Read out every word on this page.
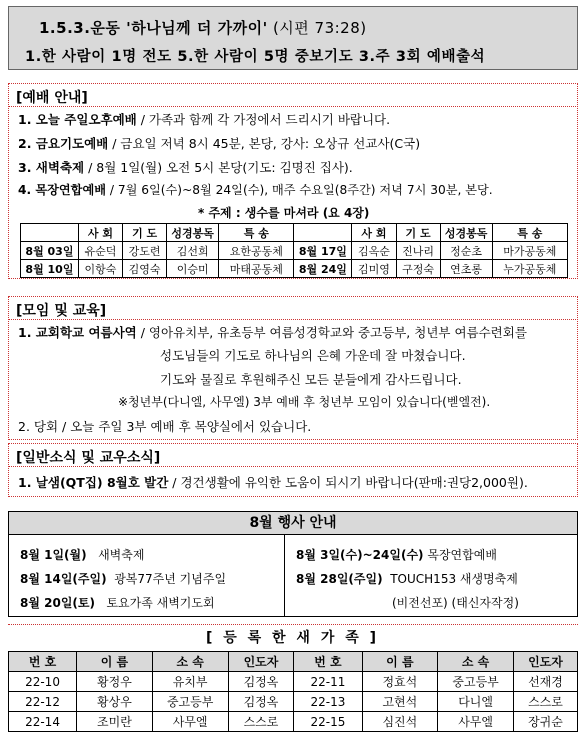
1.5.3.운동 '하나님께 더 가까이' (시편 73:28)
1.한 사람이 1명 전도 5.한 사람이 5명 중보기도 3.주 3회 예배출석
[예배 안내]
1. 오늘 주일오후예배 / 가족과 함께 각 가정에서 드리시기 바랍니다.
2. 금요기도예배 / 금요일 저녁 8시 45분, 본당, 강사: 오상규 선교사(C국)
3. 새벽축제 / 8월 1일(월) 오전 5시 본당(기도: 김명진 집사).
4. 목장연합예배 / 7월 6일(수)~8월 24일(수), 매주 수요일(8주간) 저녁 7시 30분, 본당.
* 주제 : 생수를 마셔라 (요 4장)
	사 회	기 도	성경봉독	특 송		사 회	기 도	성경봉독	특 송
8월 03일	유순덕	강도련	김선희	요한공동체	8월 17일	김옥순	진나리	정순초	마가공동체
8월 10일	이항숙	김영숙	이승미	마태공동체	8월 24일	김미영	구정숙	연초롱	누가공동체
[모임 및 교육]
1. 교회학교 여름사역 / 영아유치부, 유초등부 여름성경학교와 중고등부, 청년부 여름수련회를
성도님들의 기도로 하나님의 은혜 가운데 잘 마쳤습니다.
기도와 물질로 후원해주신 모든 분들에게 감사드립니다.
※청년부(다니엘, 사무엘) 3부 예배 후 청년부 모임이 있습니다(벧엘전).
2. 당회 / 오늘 주일 3부 예배 후 목양실에서 있습니다.
[일반소식 및 교우소식]
1. 날샘(QT집) 8월호 발간 / 경건생활에 유익한 도움이 되시기 바랍니다(판매:권당2,000원).
8월 행사 안내
8월 1일(월) 새벽축제
8월 14일(주일) 광복77주년 기념주일
8월 20일(토) 토요가족 새벽기도회
8월 3일(수)~24일(수) 목장연합예배
8월 28일(주일) TOUCH153 새생명축제
(비전선포) (태신자작정)
[ 등 록 한 새 가 족 ]
번 호	이 름	소 속	인도자	번 호	이 름	소 속	인도자
22-10	황정우	유치부	김정옥	22-11	정효석	중고등부	선재경
22-12	황상우	중고등부	김정옥	22-13	고현석	다니엘	스스로
22-14	조미란	사무엘	스스로	22-15	심진석	사무엘	장귀순
